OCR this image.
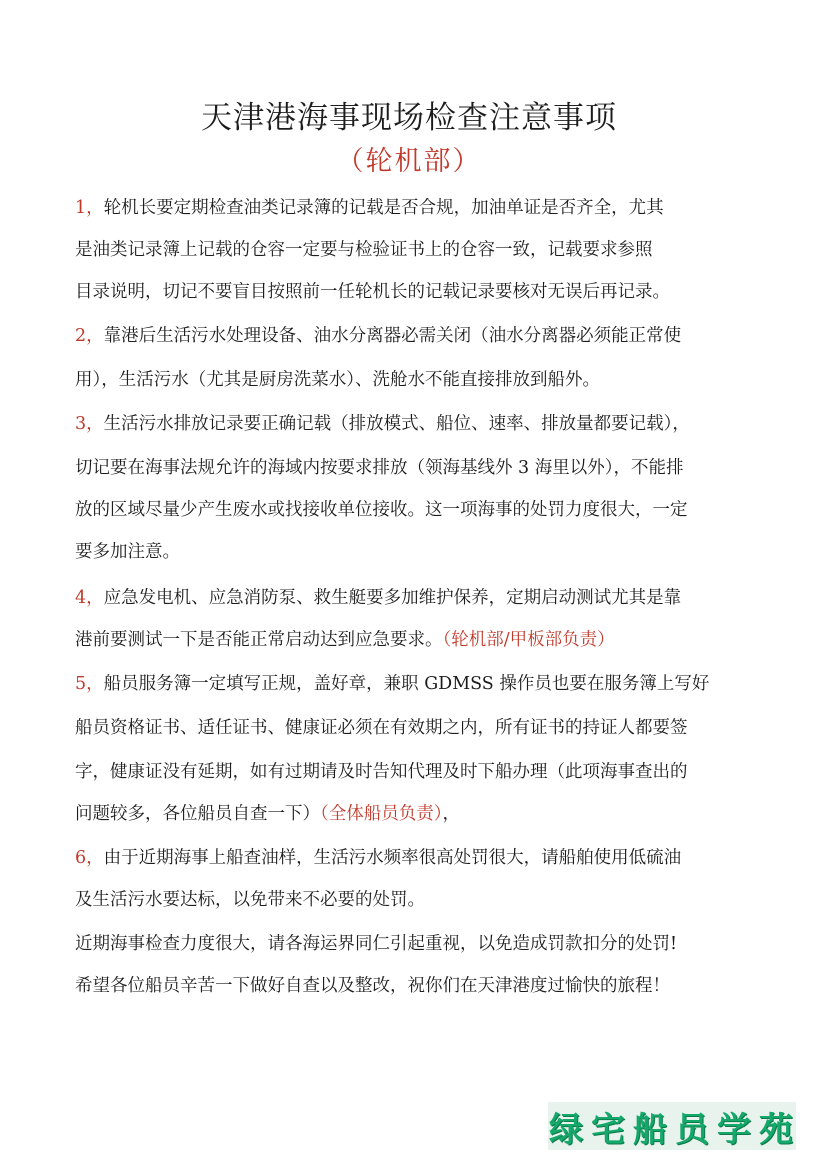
天津港海事现场检查注意事项
（轮机部）
1，轮机长要定期检查油类记录簿的记载是否合规，加油单证是否齐全，尤其
是油类记录簿上记载的仓容一定要与检验证书上的仓容一致，记载要求参照
目录说明，切记不要盲目按照前一任轮机长的记载记录要核对无误后再记录。
2，靠港后生活污水处理设备、油水分离器必需关闭（油水分离器必须能正常使
用），生活污水（尤其是厨房洗菜水）、洗舱水不能直接排放到船外。
3，生活污水排放记录要正确记载（排放模式、船位、速率、排放量都要记载），
切记要在海事法规允许的海域内按要求排放（领海基线外 3 海里以外），不能排
放的区域尽量少产生废水或找接收单位接收。这一项海事的处罚力度很大，一定
要多加注意。
4，应急发电机、应急消防泵、救生艇要多加维护保养，定期启动测试尤其是靠
港前要测试一下是否能正常启动达到应急要求。（轮机部/甲板部负责）
5，船员服务簿一定填写正规，盖好章，兼职 GDMSS 操作员也要在服务簿上写好
船员资格证书、适任证书、健康证必须在有效期之内，所有证书的持证人都要签
字，健康证没有延期，如有过期请及时告知代理及时下船办理（此项海事查出的
问题较多，各位船员自查一下）（全体船员负责），
6，由于近期海事上船查油样，生活污水频率很高处罚很大，请船舶使用低硫油
及生活污水要达标，以免带来不必要的处罚。
近期海事检查力度很大，请各海运界同仁引起重视，以免造成罚款扣分的处罚!
希望各位船员辛苦一下做好自查以及整改，祝你们在天津港度过愉快的旅程！
绿 宅 船 员 学 苑
